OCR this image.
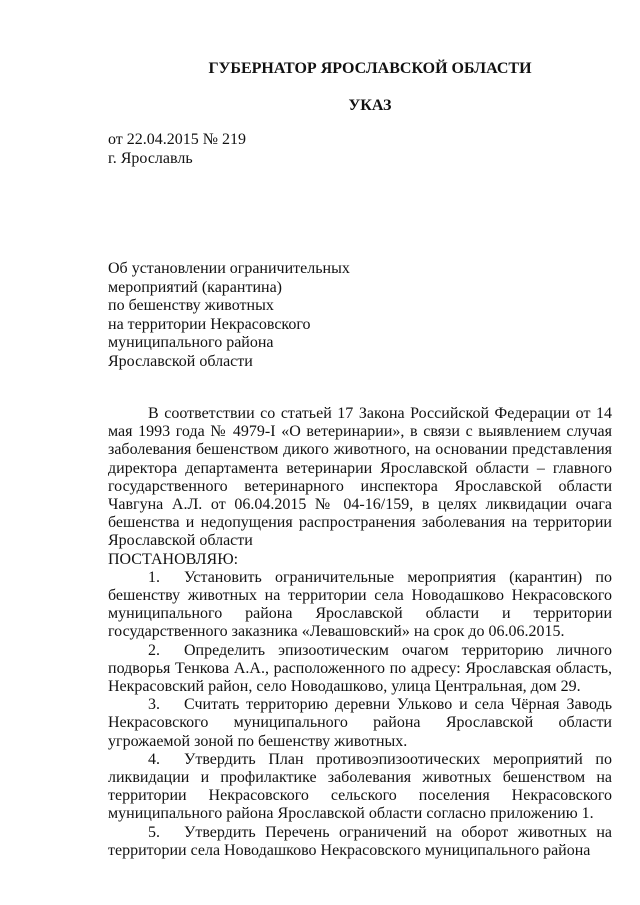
ГУБЕРНАТОР ЯРОСЛАВСКОЙ ОБЛАСТИ
УКАЗ
от 22.04.2015 № 219
г. Ярославль
Об установлении ограничительных
мероприятий (карантина)
по бешенству животных
на территории Некрасовского
муниципального района
Ярославской области

В соответствии со статьей 17 Закона Российской Федерации от 14 мая 1993 года № 4979-I «О ветеринарии», в связи с выявлением случая заболевания бешенством дикого животного, на основании представления директора департамента ветеринарии Ярославской области – главного государственного ветеринарного инспектора Ярославской области Чавгуна А.Л. от 06.04.2015 № 04-16/159, в целях ликвидации очага бешенства и недопущения распространения заболевания на территории Ярославской области

ПОСТАНОВЛЯЮ:

1. Установить ограничительные мероприятия (карантин) по бешенству животных на территории села Новодашково Некрасовского муниципального района Ярославской области и территории государственного заказника «Левашовский» на срок до 06.06.2015.

2. Определить эпизоотическим очагом территорию личного подворья Тенкова А.А., расположенного по адресу: Ярославская область, Некрасовский район, село Новодашково, улица Центральная, дом 29.

3. Считать территорию деревни Ульково и села Чёрная Заводь Некрасовского муниципального района Ярославской области угрожаемой зоной по бешенству животных.

4. Утвердить План противоэпизоотических мероприятий по ликвидации и профилактике заболевания животных бешенством на территории Некрасовского сельского поселения Некрасовского муниципального района Ярославской области согласно приложению 1.

5. Утвердить Перечень ограничений на оборот животных на территории села Новодашково Некрасовского муниципального района
